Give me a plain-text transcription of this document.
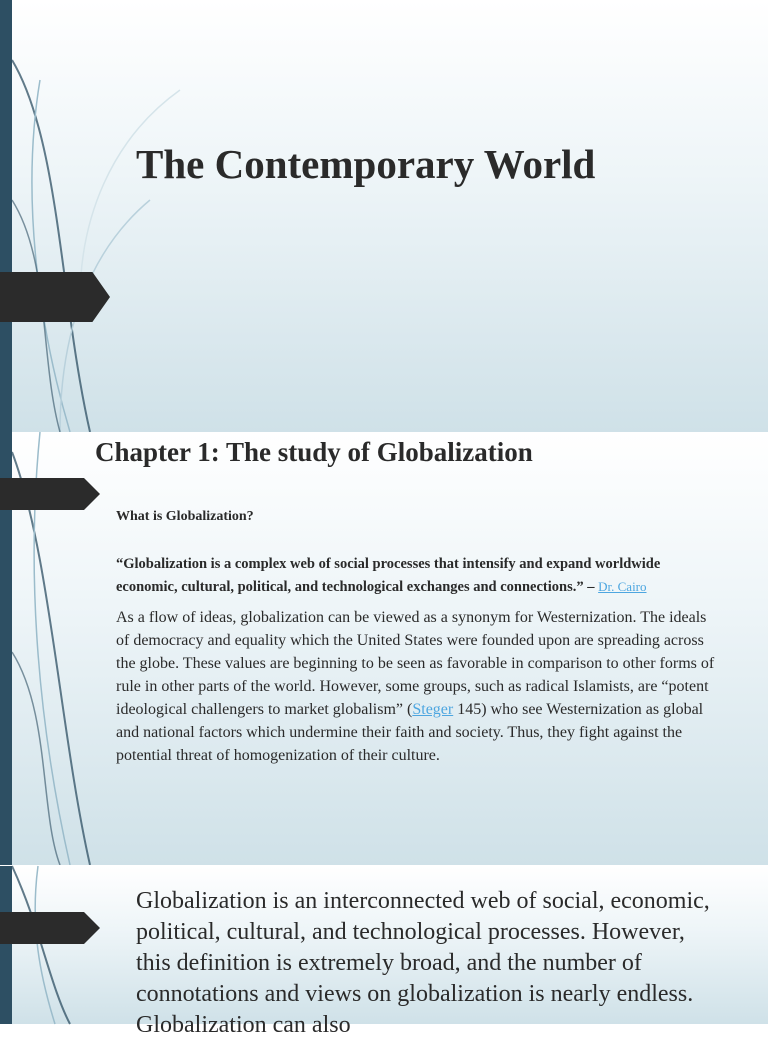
The Contemporary World
Chapter 1: The study of Globalization
What is Globalization?
“Globalization is a complex web of social processes that intensify and expand worldwide economic, cultural, political, and technological exchanges and connections.” – Dr. Cairo
As a flow of ideas, globalization can be viewed as a synonym for Westernization. The ideals of democracy and equality which the United States were founded upon are spreading across the globe. These values are beginning to be seen as favorable in comparison to other forms of rule in other parts of the world. However, some groups, such as radical Islamists, are “potent ideological challengers to market globalism” (Steger 145) who see Westernization as global and national factors which undermine their faith and society. Thus, they fight against the potential threat of homogenization of their culture.
Globalization is an interconnected web of social, economic, political, cultural, and technological processes. However, this definition is extremely broad, and the number of connotations and views on globalization is nearly endless. Globalization can also
